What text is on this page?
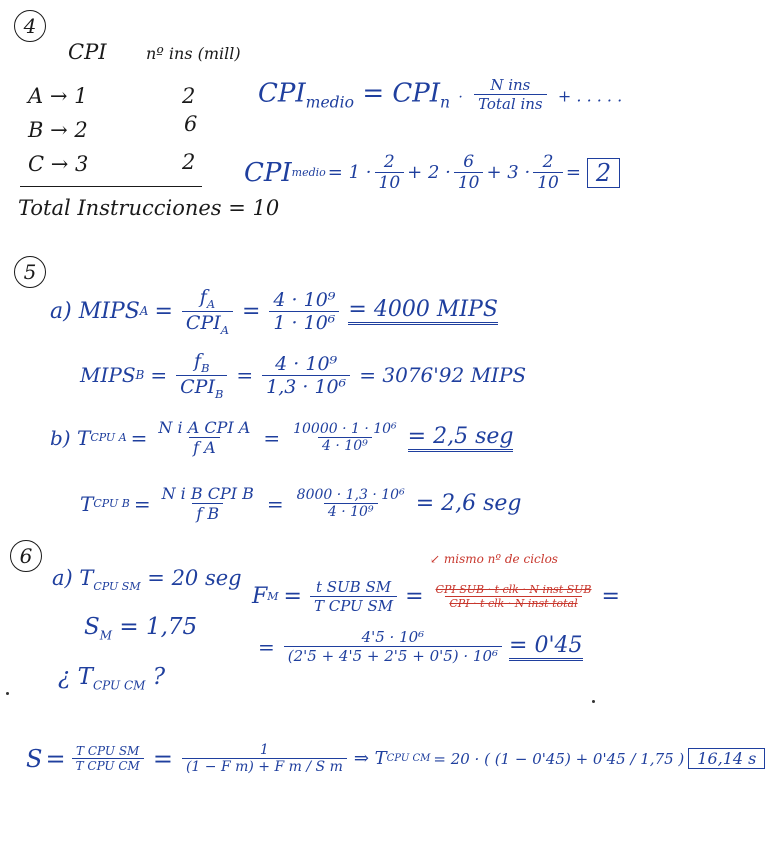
4
CPI nº ins (mill)
A → 1	2
B → 2	6
C → 3	2
Total Instrucciones = 10
$CPI_{medio} = CPI_n \cdot \frac{\text{N ins}}{\text{Total ins}}$ + . . . . .
CPI medio = $1 \cdot \frac{2}{10} + 2 \cdot \frac{6}{10} + 3 \cdot \frac{2}{10} = 2$
5
a) MIPS $A = \frac{f_A}{CPI_A} = \frac{\text{4 · 10⁹}}{\text{1 · 10⁶}} = 4000$ MIPS
MIPS $B = \frac{f_B}{CPI_B} = \frac{\text{4 · 10⁹}}{\text{1,3 · 10⁶}} = 3076'92$ MIPS
b) T CPU $A = \frac{\text{N i A CPI A}}{\text{f A}} = \frac{\text{10000 · 1 · 10⁶}}{\text{4 · 10⁹}} = 2,5$ seg
T CPU $B = \frac{\text{N i B CPI B}}{\text{f B}} = \frac{\text{8000 · 1,3 · 10⁶}}{\text{4 · 10⁹}} = 2,6$ seg
6
a) $T_{CPU SM} = 20$ seg
$S_M = 1,75$
¿ $T_{CPU CM}$ ?
F $M = \frac{\text{t SUB SM}}{\text{T CPU SM}} = \frac{\text{CPI SUB · t clk · N inst SUB}}{\text{CPI · t clk · N inst total}}$ =
↙ mismo nº de ciclos
= $\frac{\text{4'5 · 10⁶}}{\text{(2'5 + 4'5 + 2'5 + 0'5) · 10⁶}} = 0'45$
$S = \frac{\text{T CPU SM}}{\text{T CPU CM}} = \frac{1}{\text{(1 − F m) + F m / S m}}$ ⇒ T CPU CM = 20 · ( (1 − 0'45) + 0'45 / 1,75 ) 16,14 s
